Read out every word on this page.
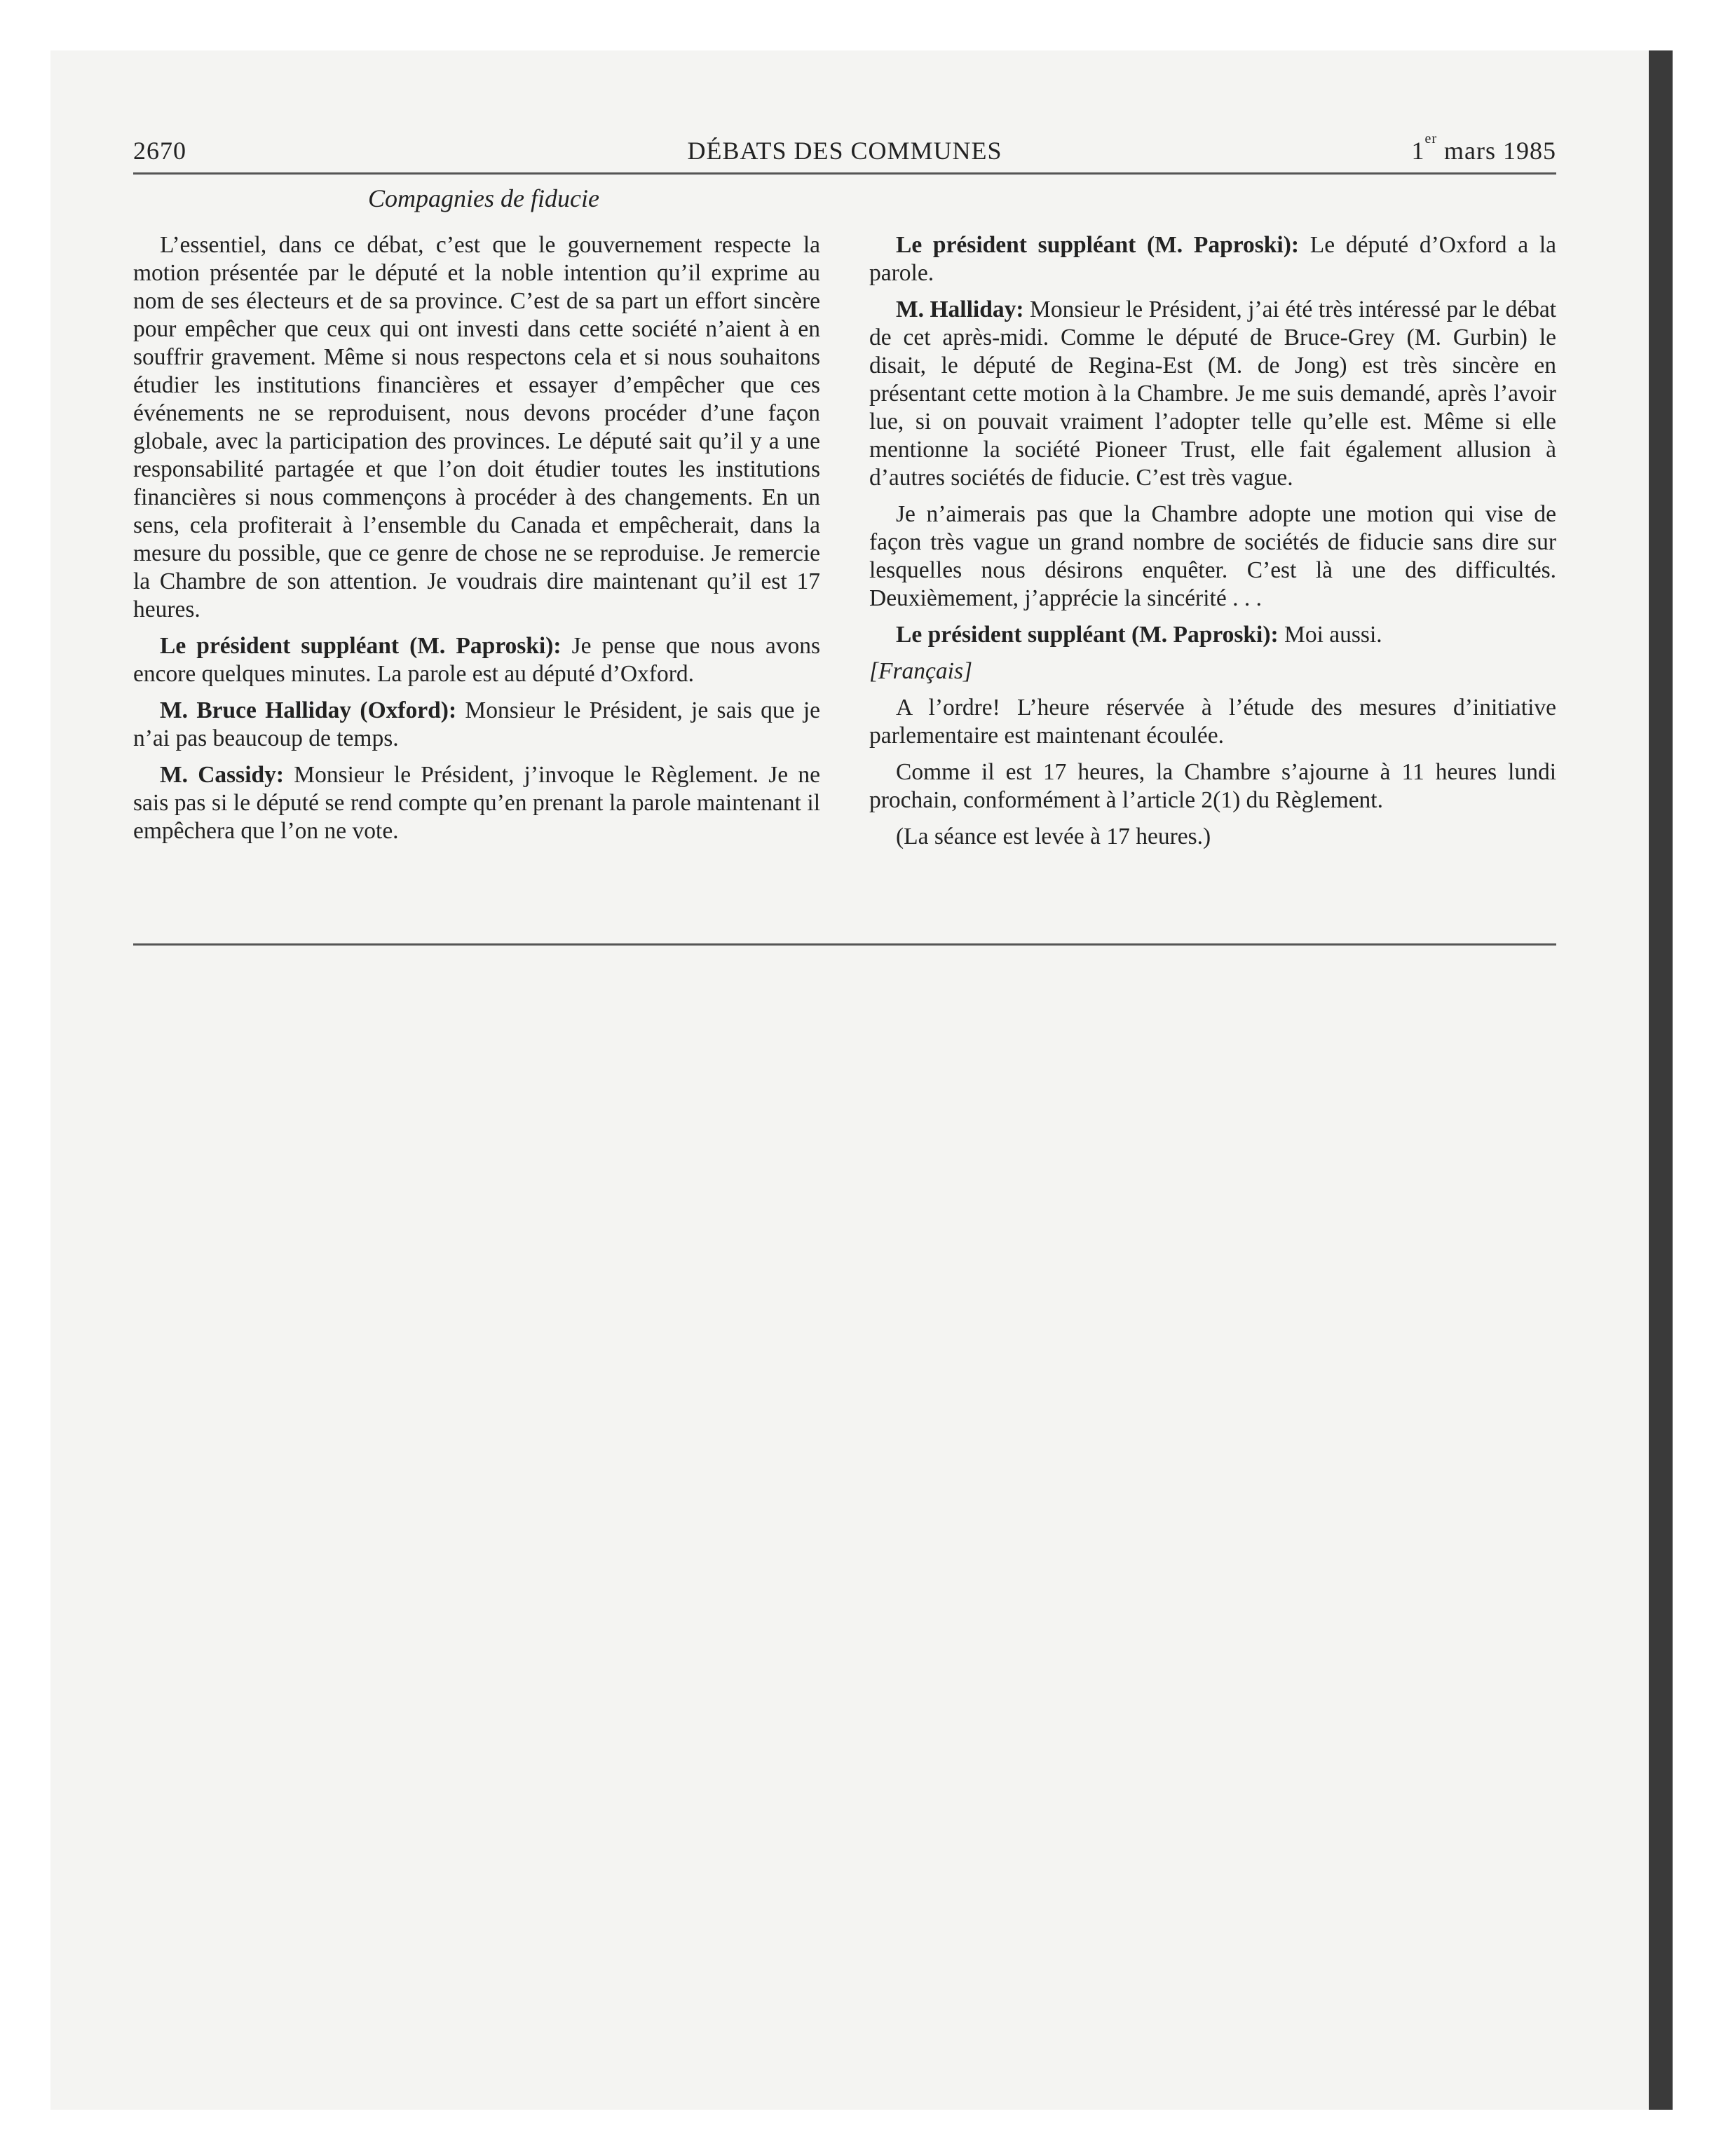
2670	DÉBATS DES COMMUNES	1er mars 1985
Compagnies de fiducie

L’essentiel, dans ce débat, c’est que le gouvernement respecte la motion présentée par le député et la noble intention qu’il exprime au nom de ses électeurs et de sa province. C’est de sa part un effort sincère pour empêcher que ceux qui ont investi dans cette société n’aient à en souffrir gravement. Même si nous respectons cela et si nous souhaitons étudier les institutions financières et essayer d’empêcher que ces événements ne se reproduisent, nous devons procéder d’une façon globale, avec la participation des provinces. Le député sait qu’il y a une responsabilité partagée et que l’on doit étudier toutes les institutions financières si nous commençons à procéder à des changements. En un sens, cela profiterait à l’ensemble du Canada et empêcherait, dans la mesure du possible, que ce genre de chose ne se reproduise. Je remercie la Chambre de son attention. Je voudrais dire maintenant qu’il est 17 heures.

Le président suppléant (M. Paproski): Je pense que nous avons encore quelques minutes. La parole est au député d’Oxford.

M. Bruce Halliday (Oxford): Monsieur le Président, je sais que je n’ai pas beaucoup de temps.

M. Cassidy: Monsieur le Président, j’invoque le Règlement. Je ne sais pas si le député se rend compte qu’en prenant la parole maintenant il empêchera que l’on ne vote.

Le président suppléant (M. Paproski): Le député d’Oxford a la parole.

M. Halliday: Monsieur le Président, j’ai été très intéressé par le débat de cet après-midi. Comme le député de Bruce-Grey (M. Gurbin) le disait, le député de Regina-Est (M. de Jong) est très sincère en présentant cette motion à la Chambre. Je me suis demandé, après l’avoir lue, si on pouvait vraiment l’adopter telle qu’elle est. Même si elle mentionne la société Pioneer Trust, elle fait également allusion à d’autres sociétés de fiducie. C’est très vague.

Je n’aimerais pas que la Chambre adopte une motion qui vise de façon très vague un grand nombre de sociétés de fiducie sans dire sur lesquelles nous désirons enquêter. C’est là une des difficultés. Deuxièmement, j’apprécie la sincérité . . .

Le président suppléant (M. Paproski): Moi aussi.

[Français]

A l’ordre! L’heure réservée à l’étude des mesures d’initiative parlementaire est maintenant écoulée.

Comme il est 17 heures, la Chambre s’ajourne à 11 heures lundi prochain, conformément à l’article 2(1) du Règlement.

(La séance est levée à 17 heures.)
